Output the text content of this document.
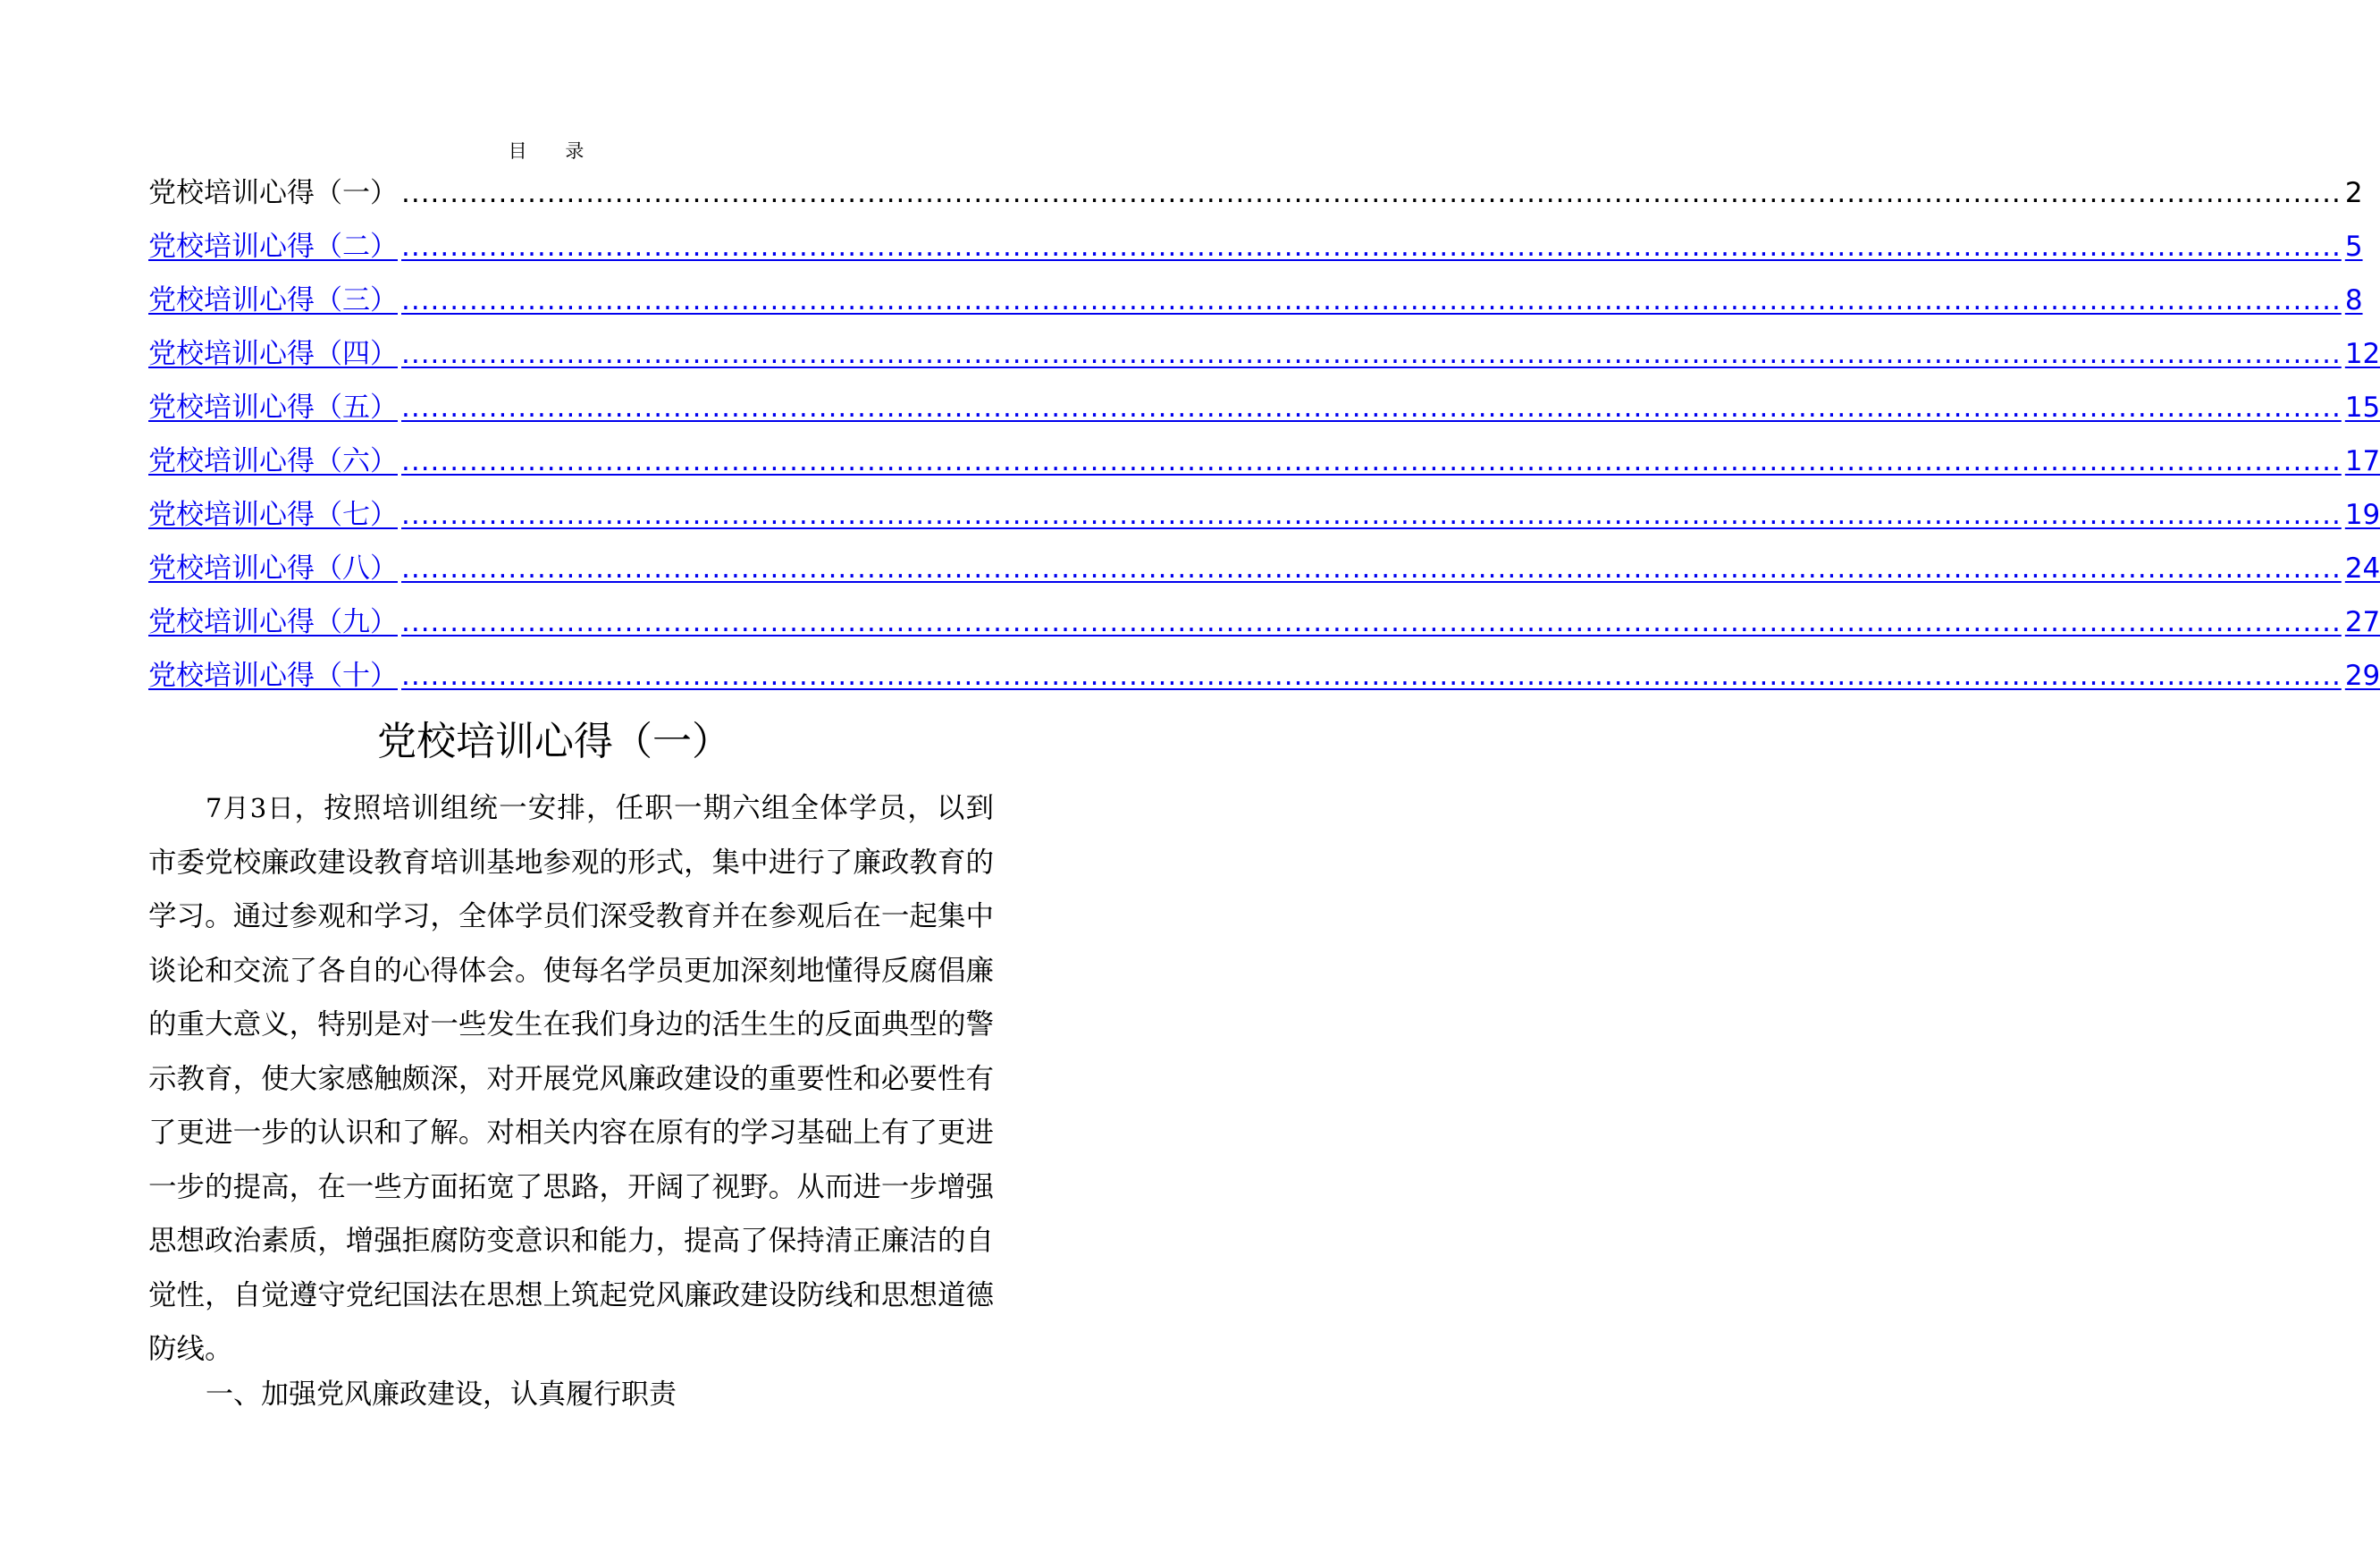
目 录
党校培训心得（一） ........................................................................................................................................................................................................ 2
党校培训心得（二） ........................................................................................................................................................................................................ 5
党校培训心得（三） ........................................................................................................................................................................................................ 8
党校培训心得（四） ........................................................................................................................................................................................................ 12
党校培训心得（五） ........................................................................................................................................................................................................ 15
党校培训心得（六） ........................................................................................................................................................................................................ 17
党校培训心得（七） ........................................................................................................................................................................................................ 19
党校培训心得（八） ........................................................................................................................................................................................................ 24
党校培训心得（九） ........................................................................................................................................................................................................ 27
党校培训心得（十） ........................................................................................................................................................................................................ 29
党校培训心得（一）

7月3日，按照培训组统一安排，任职一期六组全体学员，以到市委党校廉政建设教育培训基地参观的形式，集中进行了廉政教育的学习。通过参观和学习，全体学员们深受教育并在参观后在一起集中谈论和交流了各自的心得体会。使每名学员更加深刻地懂得反腐倡廉的重大意义，特别是对一些发生在我们身边的活生生的反面典型的警示教育，使大家感触颇深，对开展党风廉政建设的重要性和必要性有了更进一步的认识和了解。对相关内容在原有的学习基础上有了更进一步的提高，在一些方面拓宽了思路，开阔了视野。从而进一步增强思想政治素质，增强拒腐防变意识和能力，提高了保持清正廉洁的自觉性，自觉遵守党纪国法在思想上筑起党风廉政建设防线和思想道德防线。

一、加强党风廉政建设，认真履行职责
